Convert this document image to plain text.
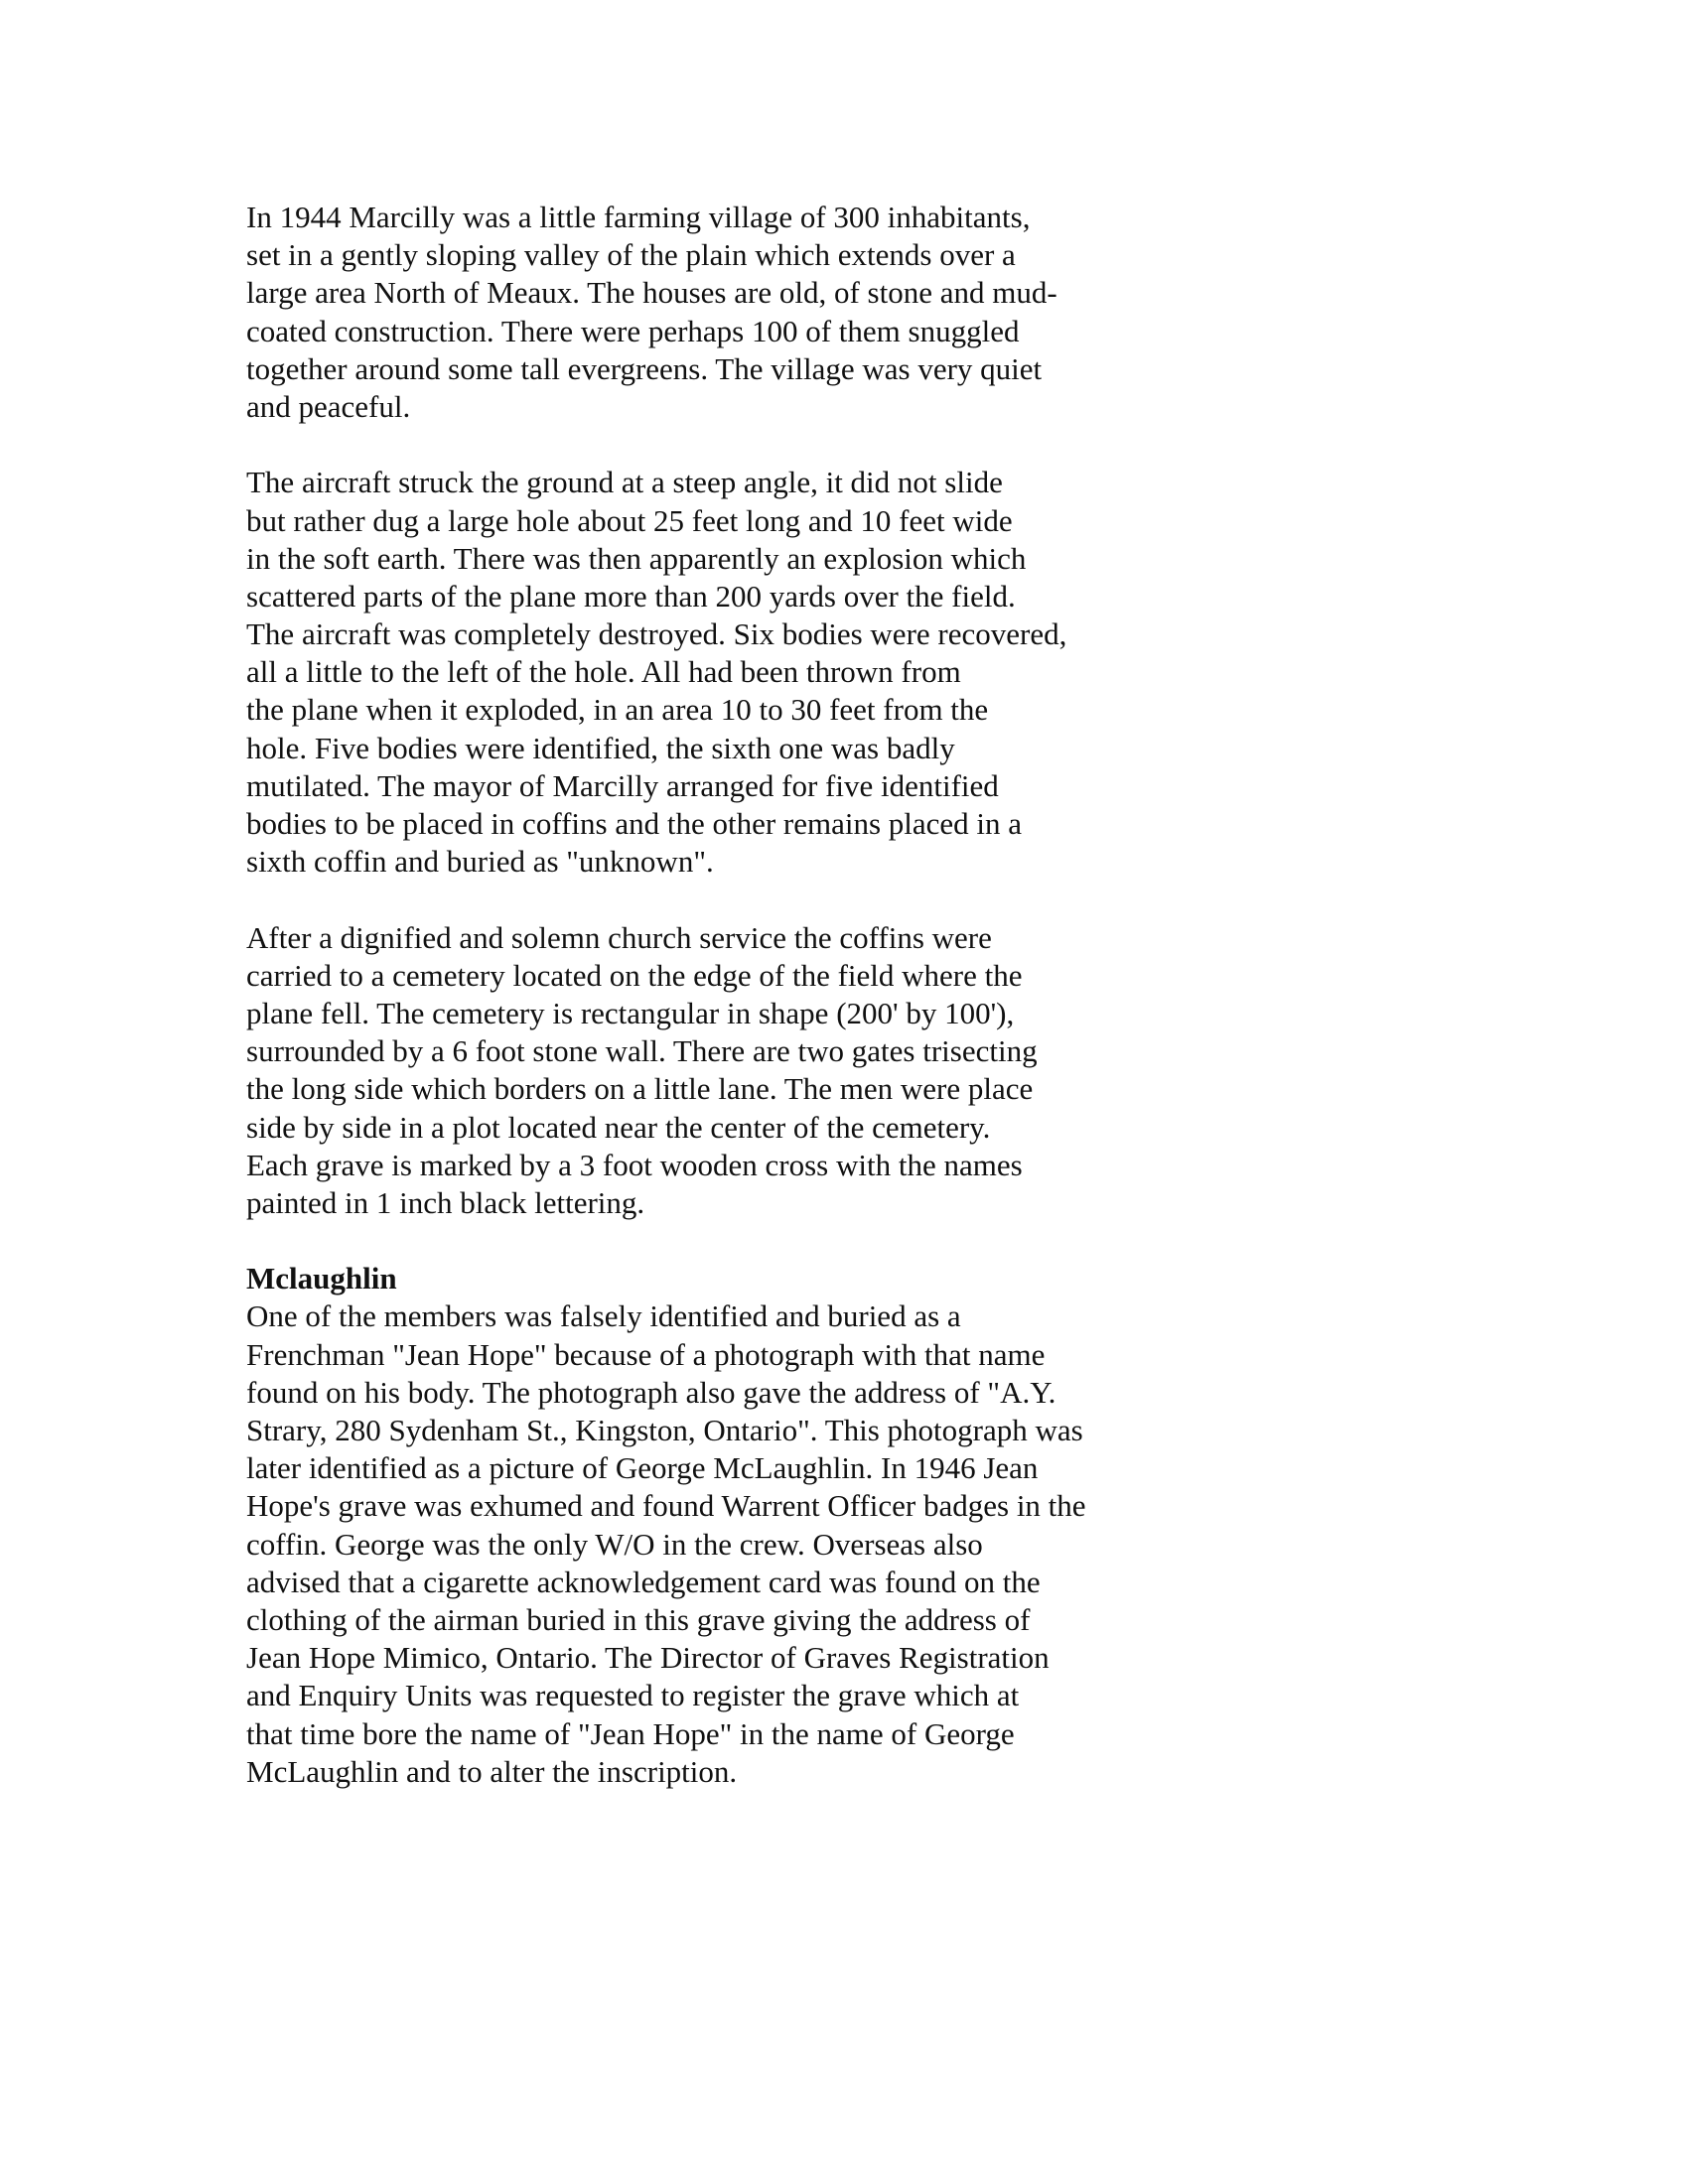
In 1944 Marcilly was a little farming village of 300 inhabitants,
set in a gently sloping valley of the plain which extends over a
large area North of Meaux. The houses are old, of stone and mud-
coated construction. There were perhaps 100 of them snuggled
together around some tall evergreens. The village was very quiet
and peaceful.
The aircraft struck the ground at a steep angle, it did not slide
but rather dug a large hole about 25 feet long and 10 feet wide
in the soft earth. There was then apparently an explosion which
scattered parts of the plane more than 200 yards over the field.
The aircraft was completely destroyed. Six bodies were recovered,
all a little to the left of the hole. All had been thrown from
the plane when it exploded, in an area 10 to 30 feet from the
hole. Five bodies were identified, the sixth one was badly
mutilated. The mayor of Marcilly arranged for five identified
bodies to be placed in coffins and the other remains placed in a
sixth coffin and buried as "unknown".
After a dignified and solemn church service the coffins were
carried to a cemetery located on the edge of the field where the
plane fell. The cemetery is rectangular in shape (200' by 100'),
surrounded by a 6 foot stone wall. There are two gates trisecting
the long side which borders on a little lane. The men were place
side by side in a plot located near the center of the cemetery.
Each grave is marked by a 3 foot wooden cross with the names
painted in 1 inch black lettering.
Mclaughlin
One of the members was falsely identified and buried as a
Frenchman "Jean Hope" because of a photograph with that name
found on his body. The photograph also gave the address of "A.Y.
Strary, 280 Sydenham St., Kingston, Ontario". This photograph was
later identified as a picture of George McLaughlin. In 1946 Jean
Hope's grave was exhumed and found Warrent Officer badges in the
coffin. George was the only W/O in the crew. Overseas also
advised that a cigarette acknowledgement card was found on the
clothing of the airman buried in this grave giving the address of
Jean Hope Mimico, Ontario. The Director of Graves Registration
and Enquiry Units was requested to register the grave which at
that time bore the name of "Jean Hope" in the name of George
McLaughlin and to alter the inscription.
